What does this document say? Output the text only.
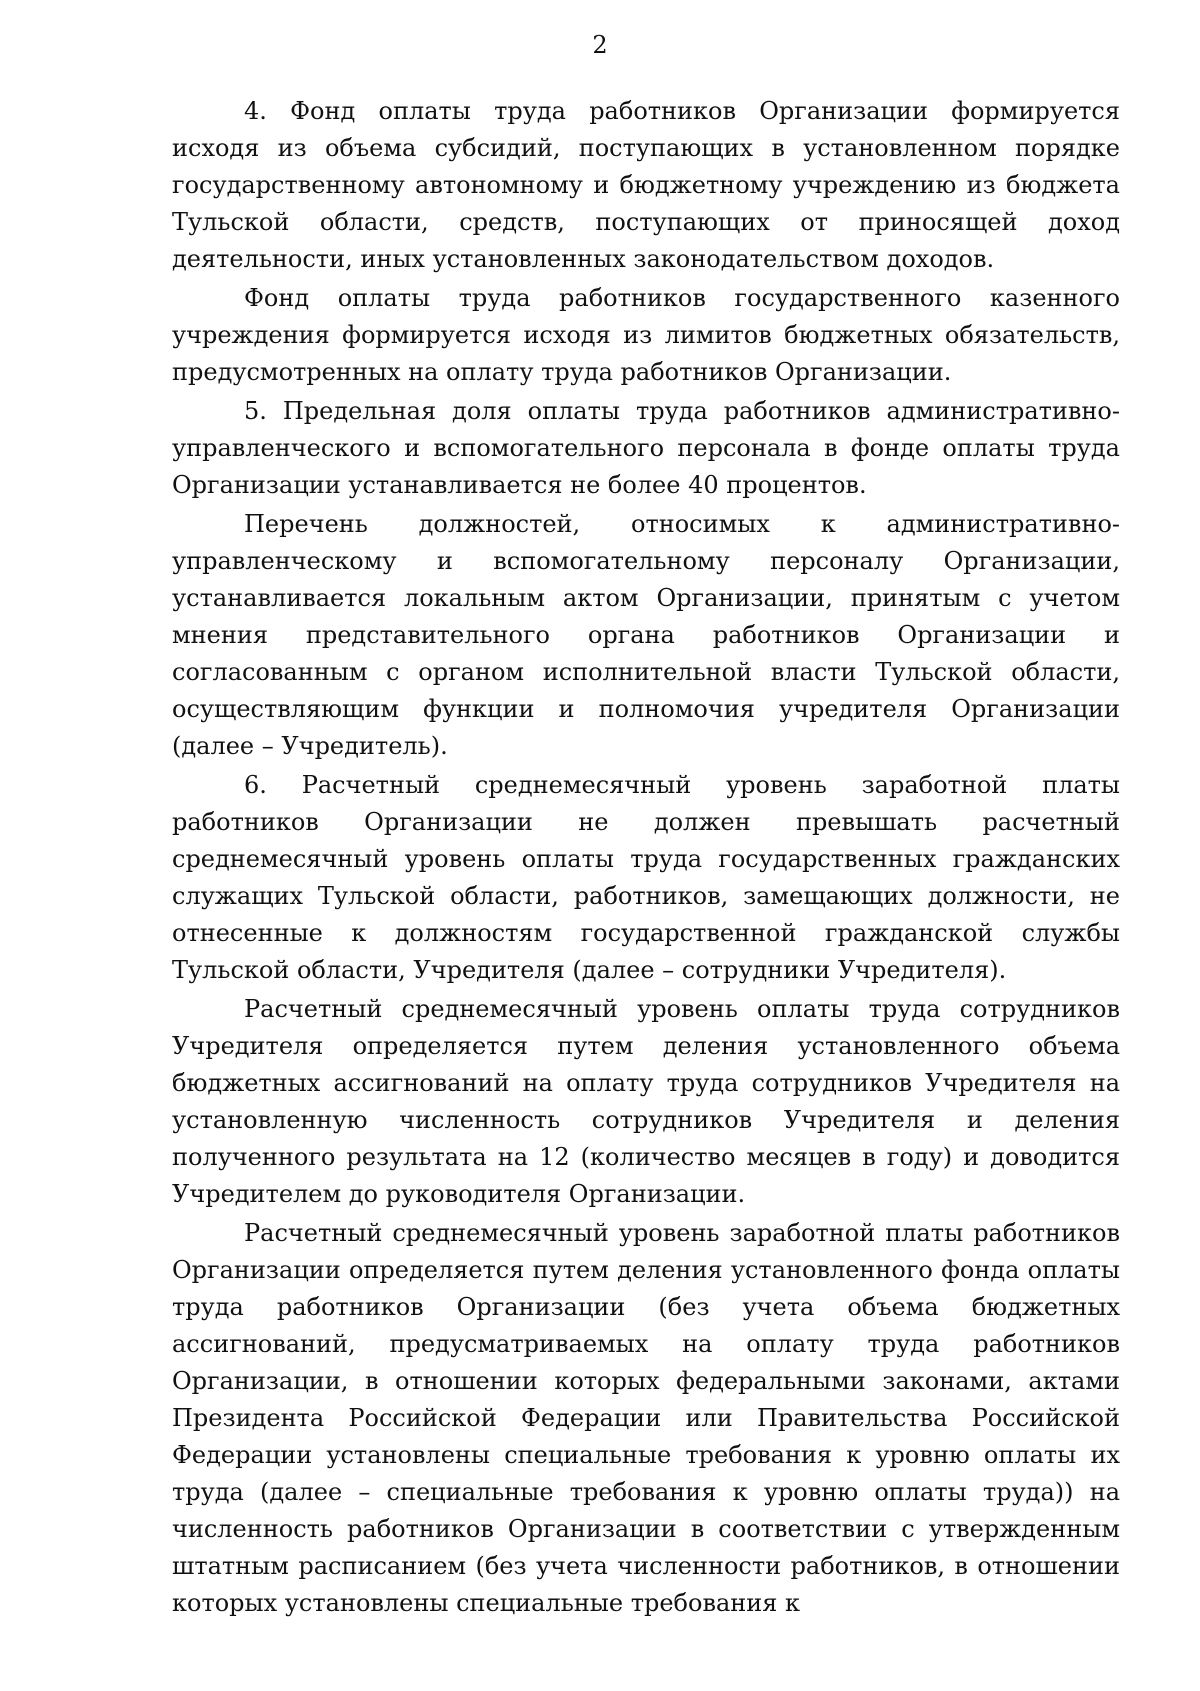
2

4. Фонд оплаты труда работников Организации формируется исходя из объема субсидий, поступающих в установленном порядке государственному автономному и бюджетному учреждению из бюджета Тульской области, средств, поступающих от приносящей доход деятельности, иных установленных законодательством доходов.

Фонд оплаты труда работников государственного казенного учреждения формируется исходя из лимитов бюджетных обязательств, предусмотренных на оплату труда работников Организации.

5. Предельная доля оплаты труда работников административно-управленческого и вспомогательного персонала в фонде оплаты труда Организации устанавливается не более 40 процентов.

Перечень должностей, относимых к административно-управленческому и вспомогательному персоналу Организации, устанавливается локальным актом Организации, принятым с учетом мнения представительного органа работников Организации и согласованным с органом исполнительной власти Тульской области, осуществляющим функции и полномочия учредителя Организации (далее – Учредитель).

6. Расчетный среднемесячный уровень заработной платы работников Организации не должен превышать расчетный среднемесячный уровень оплаты труда государственных гражданских служащих Тульской области, работников, замещающих должности, не отнесенные к должностям государственной гражданской службы Тульской области, Учредителя (далее – сотрудники Учредителя).

Расчетный среднемесячный уровень оплаты труда сотрудников Учредителя определяется путем деления установленного объема бюджетных ассигнований на оплату труда сотрудников Учредителя на установленную численность сотрудников Учредителя и деления полученного результата на 12 (количество месяцев в году) и доводится Учредителем до руководителя Организации.

Расчетный среднемесячный уровень заработной платы работников Организации определяется путем деления установленного фонда оплаты труда работников Организации (без учета объема бюджетных ассигнований, предусматриваемых на оплату труда работников Организации, в отношении которых федеральными законами, актами Президента Российской Федерации или Правительства Российской Федерации установлены специальные требования к уровню оплаты их труда (далее – специальные требования к уровню оплаты труда)) на численность работников Организации в соответствии с утвержденным штатным расписанием (без учета численности работников, в отношении которых установлены специальные требования к
